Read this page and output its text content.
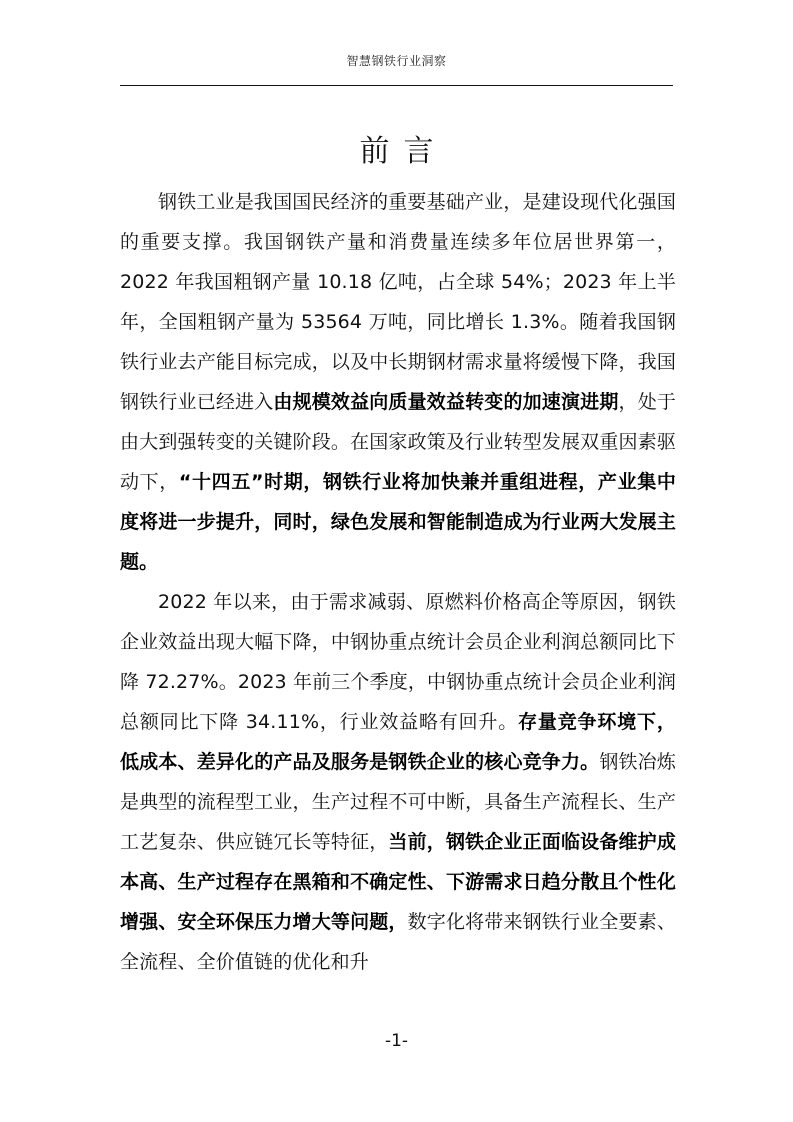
智慧钢铁行业洞察
前言

钢铁工业是我国国民经济的重要基础产业，是建设现代化强国的重要支撑。我国钢铁产量和消费量连续多年位居世界第一，2022 年我国粗钢产量 10.18 亿吨，占全球 54%；2023 年上半年，全国粗钢产量为 53564 万吨，同比增长 1.3%。随着我国钢铁行业去产能目标完成，以及中长期钢材需求量将缓慢下降，我国钢铁行业已经进入由规模效益向质量效益转变的加速演进期，处于由大到强转变的关键阶段。在国家政策及行业转型发展双重因素驱动下，“十四五”时期，钢铁行业将加快兼并重组进程，产业集中度将进一步提升，同时，绿色发展和智能制造成为行业两大发展主题。

2022 年以来，由于需求减弱、原燃料价格高企等原因，钢铁企业效益出现大幅下降，中钢协重点统计会员企业利润总额同比下降 72.27%。2023 年前三个季度，中钢协重点统计会员企业利润总额同比下降 34.11%，行业效益略有回升。存量竞争环境下，低成本、差异化的产品及服务是钢铁企业的核心竞争力。钢铁冶炼是典型的流程型工业，生产过程不可中断，具备生产流程长、生产工艺复杂、供应链冗长等特征，当前，钢铁企业正面临设备维护成本高、生产过程存在黑箱和不确定性、下游需求日趋分散且个性化增强、安全环保压力增大等问题，数字化将带来钢铁行业全要素、全流程、全价值链的优化和升

-1-
